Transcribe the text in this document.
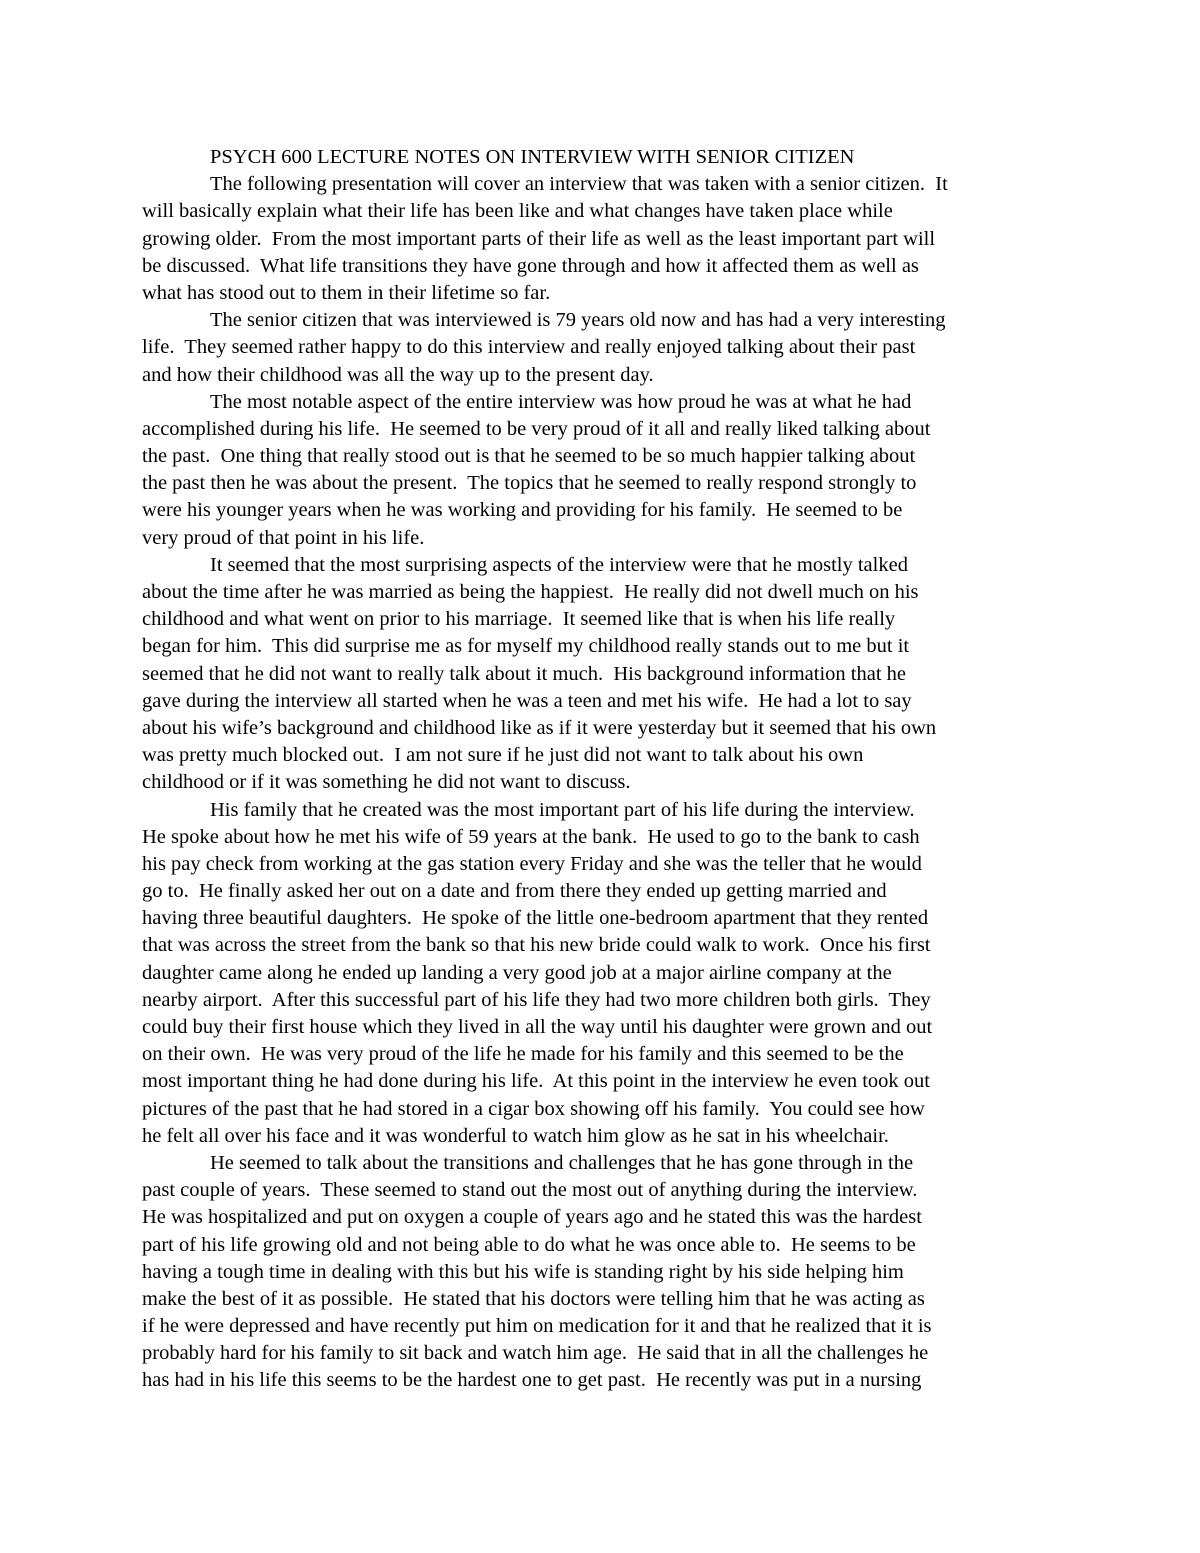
PSYCH 600 LECTURE NOTES ON INTERVIEW WITH SENIOR CITIZEN
The following presentation will cover an interview that was taken with a senior citizen.  It
will basically explain what their life has been like and what changes have taken place while
growing older.  From the most important parts of their life as well as the least important part will
be discussed.  What life transitions they have gone through and how it affected them as well as
what has stood out to them in their lifetime so far.
The senior citizen that was interviewed is 79 years old now and has had a very interesting
life.  They seemed rather happy to do this interview and really enjoyed talking about their past
and how their childhood was all the way up to the present day.
The most notable aspect of the entire interview was how proud he was at what he had
accomplished during his life.  He seemed to be very proud of it all and really liked talking about
the past.  One thing that really stood out is that he seemed to be so much happier talking about
the past then he was about the present.  The topics that he seemed to really respond strongly to
were his younger years when he was working and providing for his family.  He seemed to be
very proud of that point in his life.
It seemed that the most surprising aspects of the interview were that he mostly talked
about the time after he was married as being the happiest.  He really did not dwell much on his
childhood and what went on prior to his marriage.  It seemed like that is when his life really
began for him.  This did surprise me as for myself my childhood really stands out to me but it
seemed that he did not want to really talk about it much.  His background information that he
gave during the interview all started when he was a teen and met his wife.  He had a lot to say
about his wife’s background and childhood like as if it were yesterday but it seemed that his own
was pretty much blocked out.  I am not sure if he just did not want to talk about his own
childhood or if it was something he did not want to discuss.
His family that he created was the most important part of his life during the interview.
He spoke about how he met his wife of 59 years at the bank.  He used to go to the bank to cash
his pay check from working at the gas station every Friday and she was the teller that he would
go to.  He finally asked her out on a date and from there they ended up getting married and
having three beautiful daughters.  He spoke of the little one-bedroom apartment that they rented
that was across the street from the bank so that his new bride could walk to work.  Once his first
daughter came along he ended up landing a very good job at a major airline company at the
nearby airport.  After this successful part of his life they had two more children both girls.  They
could buy their first house which they lived in all the way until his daughter were grown and out
on their own.  He was very proud of the life he made for his family and this seemed to be the
most important thing he had done during his life.  At this point in the interview he even took out
pictures of the past that he had stored in a cigar box showing off his family.  You could see how
he felt all over his face and it was wonderful to watch him glow as he sat in his wheelchair.
He seemed to talk about the transitions and challenges that he has gone through in the
past couple of years.  These seemed to stand out the most out of anything during the interview.
He was hospitalized and put on oxygen a couple of years ago and he stated this was the hardest
part of his life growing old and not being able to do what he was once able to.  He seems to be
having a tough time in dealing with this but his wife is standing right by his side helping him
make the best of it as possible.  He stated that his doctors were telling him that he was acting as
if he were depressed and have recently put him on medication for it and that he realized that it is
probably hard for his family to sit back and watch him age.  He said that in all the challenges he
has had in his life this seems to be the hardest one to get past.  He recently was put in a nursing
